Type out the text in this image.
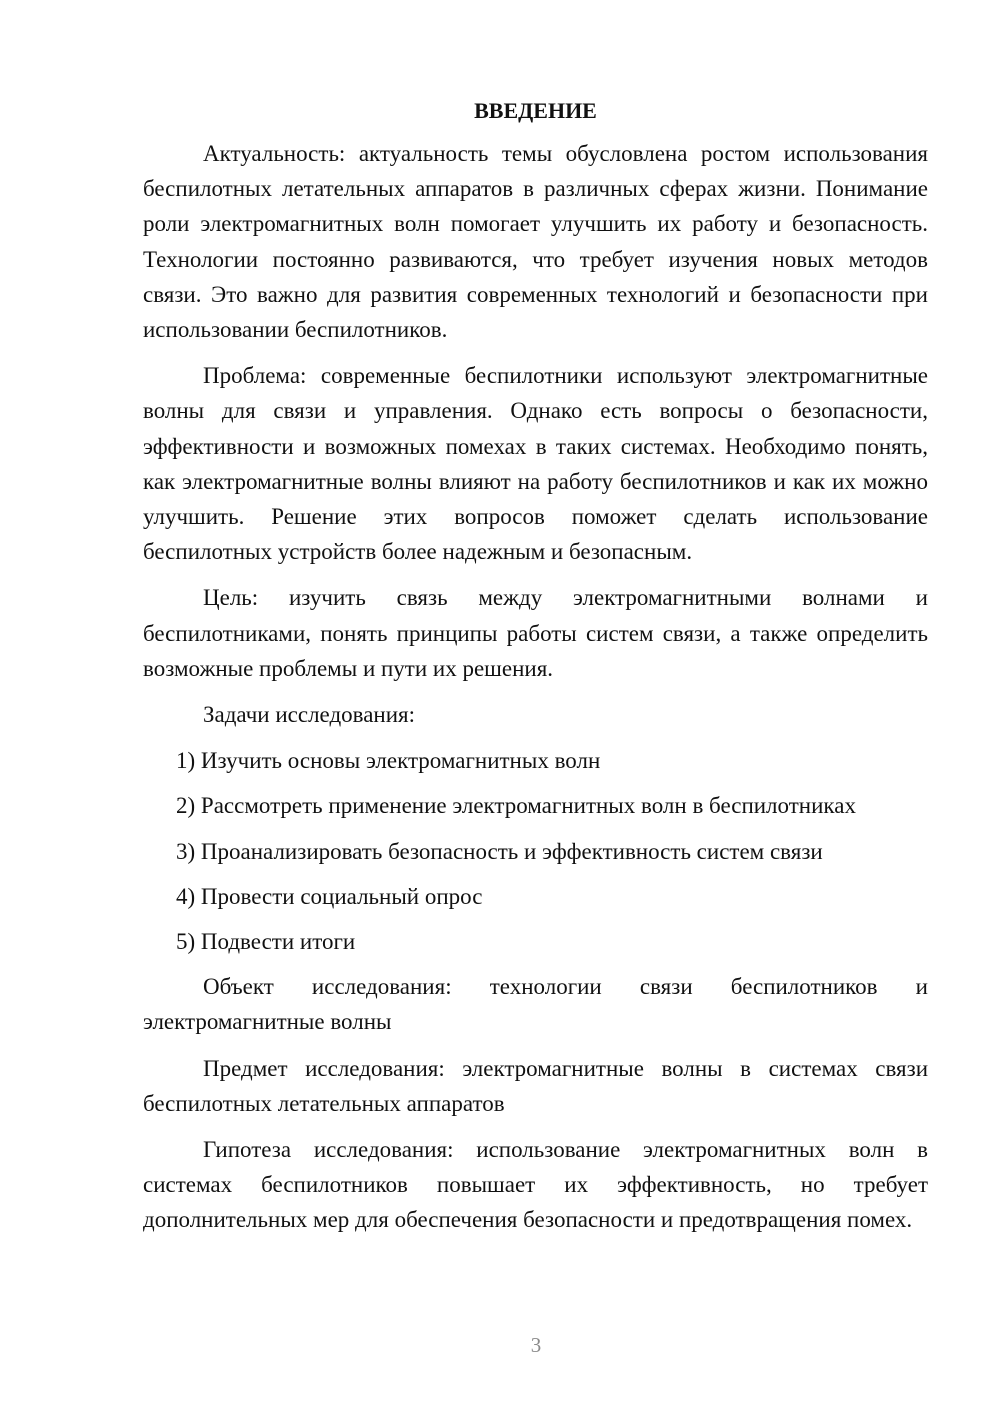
ВВЕДЕНИЕ

Актуальность: актуальность темы обусловлена ростом использования беспилотных летательных аппаратов в различных сферах жизни. Понимание роли электромагнитных волн помогает улучшить их работу и безопасность. Технологии постоянно развиваются, что требует изучения новых методов связи. Это важно для развития современных технологий и безопасности при использовании беспилотников.

Проблема: современные беспилотники используют электромагнитные волны для связи и управления. Однако есть вопросы о безопасности, эффективности и возможных помехах в таких системах. Необходимо понять, как электромагнитные волны влияют на работу беспилотников и как их можно улучшить. Решение этих вопросов поможет сделать использование беспилотных устройств более надежным и безопасным.

Цель: изучить связь между электромагнитными волнами и беспилотниками, понять принципы работы систем связи, а также определить возможные проблемы и пути их решения.

Задачи исследования:

1) Изучить основы электромагнитных волн
2) Рассмотреть применение электромагнитных волн в беспилотниках
3) Проанализировать безопасность и эффективность систем связи
4) Провести социальный опрос
5) Подвести итоги

Объект исследования: технологии связи беспилотников и электромагнитные волны

Предмет исследования: электромагнитные волны в системах связи беспилотных летательных аппаратов

Гипотеза исследования: использование электромагнитных волн в системах беспилотников повышает их эффективность, но требует дополнительных мер для обеспечения безопасности и предотвращения помех.

3
